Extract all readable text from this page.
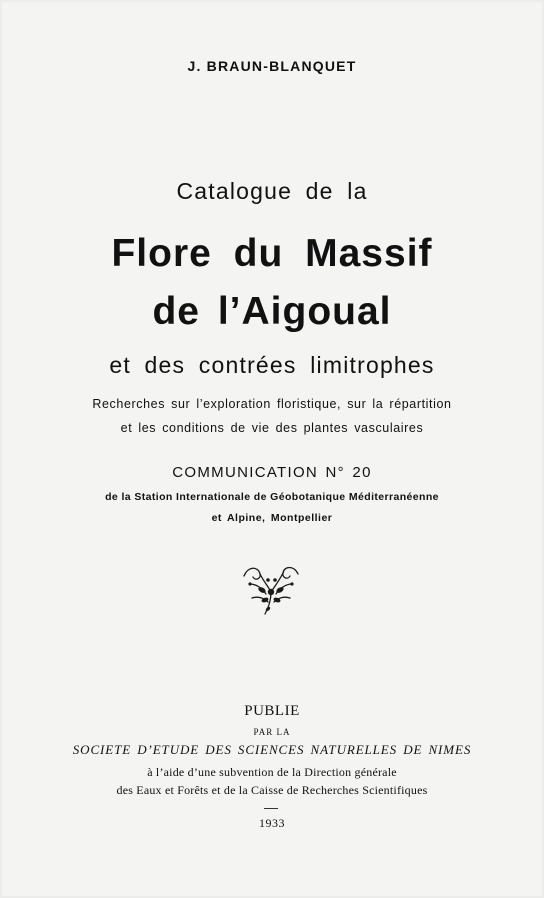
J. BRAUN-BLANQUET
Catalogue de la
Flore du Massif
de l’Aigoual
et des contrées limitrophes
Recherches sur l’exploration floristique, sur la répartition
et les conditions de vie des plantes vasculaires
COMMUNICATION N° 20
de la Station Internationale de Géobotanique Méditerranéenne
et Alpine, Montpellier
PUBLIE
PAR LA
SOCIETE D’ETUDE DES SCIENCES NATURELLES DE NIMES
à l’aide d’une subvention de la Direction générale
des Eaux et Forêts et de la Caisse de Recherches Scientifiques
1933
